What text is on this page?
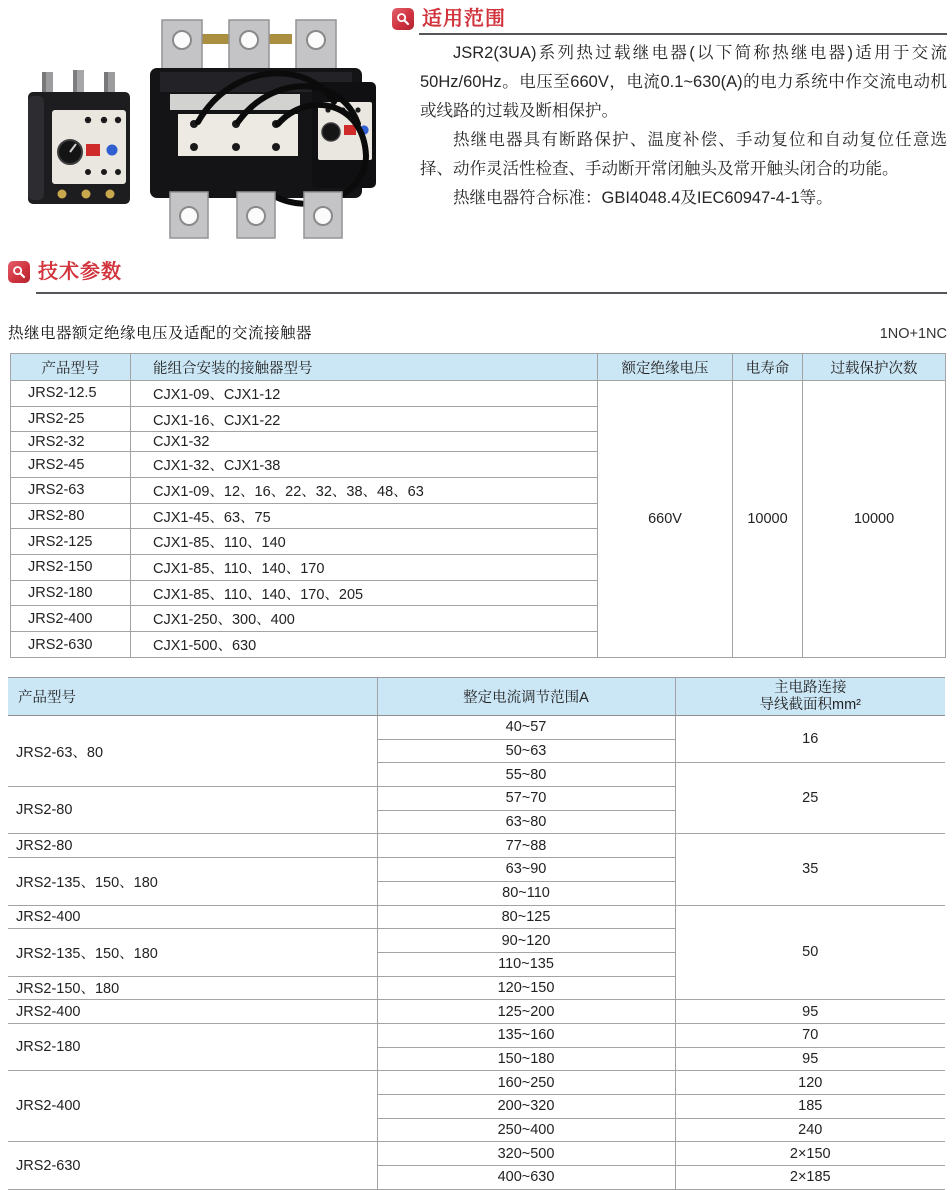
适用范围

JSR2(3UA)系列热过载继电器(以下简称热继电器)适用于交流50Hz/60Hz。电压至660V，电流0.1~630(A)的电力系统中作交流电动机或线路的过载及断相保护。

热继电器具有断路保护、温度补偿、手动复位和自动复位任意选择、动作灵活性检查、手动断开常闭触头及常开触头闭合的功能。

热继电器符合标准：GBI4048.4及IEC60947-4-1等。

技术参数
热继电器额定绝缘电压及适配的交流接触器	1NO+1NC
产品型号	能组合安装的接触器型号	额定绝缘电压	电寿命	过载保护次数
JRS2-12.5	CJX1-09、CJX1-12	660V	10000	10000
JRS2-25	CJX1-16、CJX1-22			
JRS2-32	CJX1-32			
JRS2-45	CJX1-32、CJX1-38			
JRS2-63	CJX1-09、12、16、22、32、38、48、63			
JRS2-80	CJX1-45、63、75			
JRS2-125	CJX1-85、110、140			
JRS2-150	CJX1-85、110、140、170			
JRS2-180	CJX1-85、110、140、170、205			
JRS2-400	CJX1-250、300、400			
JRS2-630	CJX1-500、630			
产品型号	整定电流调节范围A	主电路连接
导线截面积mm²

JRS2-63、80	40~57	16
	50~63	
	55~80	25
JRS2-80	57~70	
	63~80	
JRS2-80	77~88	35
JRS2-135、150、180	63~90	
	80~110	
JRS2-400	80~125	50
JRS2-135、150、180	90~120	
	110~135	
JRS2-150、180	120~150	
JRS2-400	125~200	95
JRS2-180	135~160	70
	150~180	95
JRS2-400	160~250	120
	200~320	185
	250~400	240
JRS2-630	320~500	2×150
	400~630	2×185
